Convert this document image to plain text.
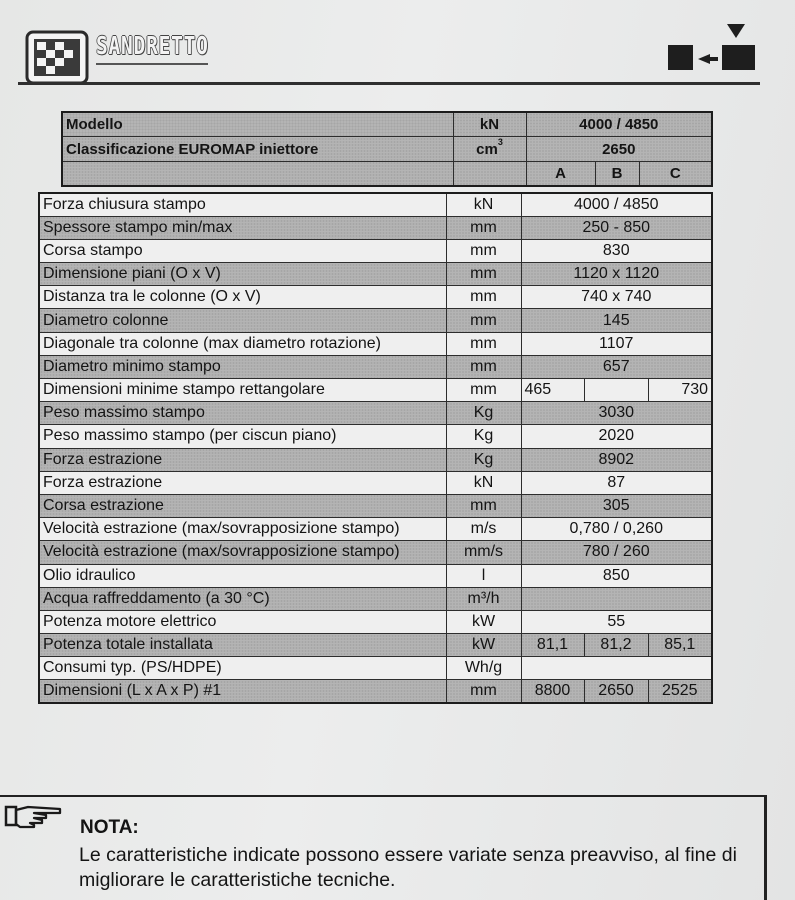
SANDRETTO
Modello	kN	4000 / 4850		
Classificazione EUROMAP iniettore	$cm^3$	2650		
		A	B	C
Forza chiusura stampo	kN	4000 / 4850		
Spessore stampo min/max	mm	250 - 850		
Corsa stampo	mm	830		
Dimensione piani (O x V)	mm	1120 x 1120		
Distanza tra le colonne (O x V)	mm	740 x 740		
Diametro colonne	mm	145		
Diagonale tra colonne (max diametro rotazione)	mm	1107		
Diametro minimo stampo	mm	657		
Dimensioni minime stampo rettangolare	mm	465		730
Peso massimo stampo	Kg	3030		
Peso massimo stampo (per ciscun piano)	Kg	2020		
Forza estrazione	Kg	8902		
Forza estrazione	kN	87		
Corsa estrazione	mm	305		
Velocità estrazione (max/sovrapposizione stampo)	m/s	0,780 / 0,260		
Velocità estrazione (max/sovrapposizione stampo)	mm/s	780 / 260		
Olio idraulico	l	850		
Acqua raffreddamento (a 30 °C)	m³/h			
Potenza motore elettrico	kW	55		
Potenza totale installata	kW	81,1	81,2	85,1
Consumi typ. (PS/HDPE)	Wh/g			
Dimensioni (L x A x P) #1	mm	8800	2650	2525
NOTA:
Le caratteristiche indicate possono essere variate senza preavviso, al fine di migliorare le caratteristiche tecniche.
